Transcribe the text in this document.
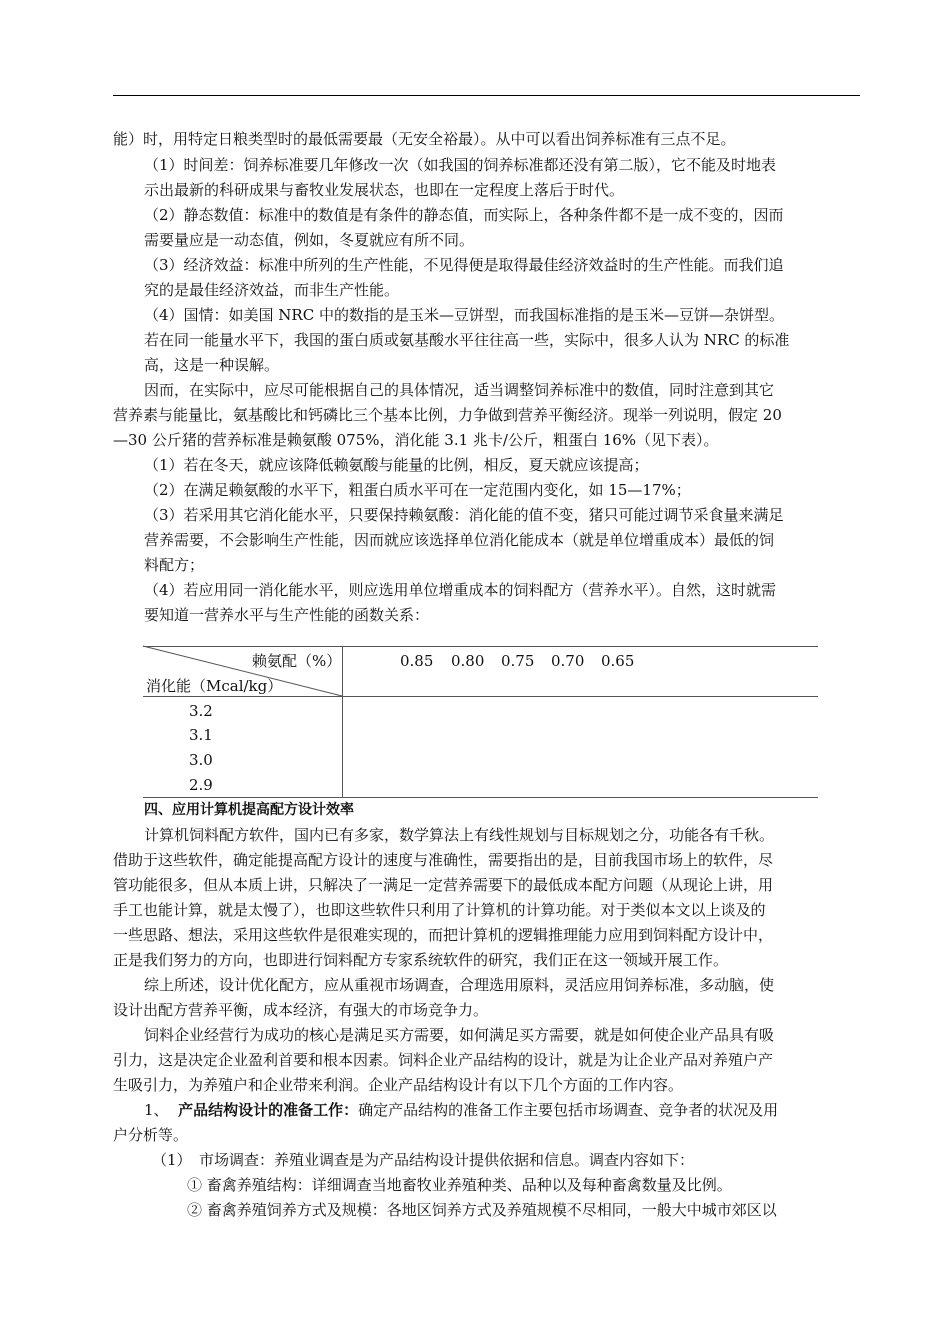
能）时，用特定日粮类型时的最低需要最（无安全裕最）。从中可以看出饲养标准有三点不足。
（1）时间差：饲养标准要几年修改一次（如我国的饲养标准都还没有第二版），它不能及时地表
示出最新的科研成果与畜牧业发展状态，也即在一定程度上落后于时代。
（2）静态数值：标准中的数值是有条件的静态值，而实际上，各种条件都不是一成不变的，因而
需要量应是一动态值，例如，冬夏就应有所不同。
（3）经济效益：标准中所列的生产性能，不见得便是取得最佳经济效益时的生产性能。而我们追
究的是最佳经济效益，而非生产性能。
（4）国情：如美国 NRC 中的数指的是玉米—豆饼型，而我国标准指的是玉米—豆饼—杂饼型。
若在同一能量水平下，我国的蛋白质或氨基酸水平往往高一些，实际中，很多人认为 NRC 的标准
高，这是一种误解。
因而，在实际中，应尽可能根据自己的具体情况，适当调整饲养标准中的数值，同时注意到其它
营养素与能量比，氨基酸比和钙磷比三个基本比例，力争做到营养平衡经济。现举一列说明，假定 20
—30 公斤猪的营养标准是赖氨酸 075%，消化能 3.1 兆卡/公斤，粗蛋白 16%（见下表）。
（1）若在冬天，就应该降低赖氨酸与能量的比例，相反，夏天就应该提高；
（2）在满足赖氨酸的水平下，粗蛋白质水平可在一定范围内变化，如 15—17%；
（3）若采用其它消化能水平，只要保持赖氨酸：消化能的值不变，猪只可能过调节采食量来满足
营养需要，不会影响生产性能，因而就应该选择单位消化能成本（就是单位增重成本）最低的饲
料配方；
（4）若应用同一消化能水平，则应选用单位增重成本的饲料配方（营养水平）。自然，这时就需
要知道一营养水平与生产性能的函数关系：
赖氨配（%）
消化能（Mcal/kg）
0.85 0.80 0.75 0.70 0.65
3.2
3.1
3.0
2.9
四、应用计算机提高配方设计效率
计算机饲料配方软件，国内已有多家，数学算法上有线性规划与目标规划之分，功能各有千秋。
借助于这些软件，确定能提高配方设计的速度与准确性，需要指出的是，目前我国市场上的软件，尽
管功能很多，但从本质上讲，只解决了一满足一定营养需要下的最低成本配方问题（从现论上讲，用
手工也能计算，就是太慢了），也即这些软件只利用了计算机的计算功能。对于类似本文以上谈及的
一些思路、想法，采用这些软件是很难实现的，而把计算机的逻辑推理能力应用到饲料配方设计中，
正是我们努力的方向，也即进行饲料配方专家系统软件的研究，我们正在这一领域开展工作。
综上所述，设计优化配方，应从重视市场调查，合理选用原料，灵活应用饲养标准，多动脑，使
设计出配方营养平衡，成本经济，有强大的市场竞争力。
饲料企业经营行为成功的核心是满足买方需要，如何满足买方需要，就是如何使企业产品具有吸
引力，这是决定企业盈利首要和根本因素。饲料企业产品结构的设计，就是为让企业产品对养殖户产
生吸引力，为养殖户和企业带来利润。企业产品结构设计有以下几个方面的工作内容。
1、 产品结构设计的准备工作：确定产品结构的准备工作主要包括市场调查、竞争者的状况及用
户分析等。
（1）　市场调查：养殖业调查是为产品结构设计提供依据和信息。调查内容如下：
① 畜禽养殖结构：详细调查当地畜牧业养殖种类、品种以及每种畜禽数量及比例。
② 畜禽养殖饲养方式及规模：各地区饲养方式及养殖规模不尽相同，一般大中城市郊区以
